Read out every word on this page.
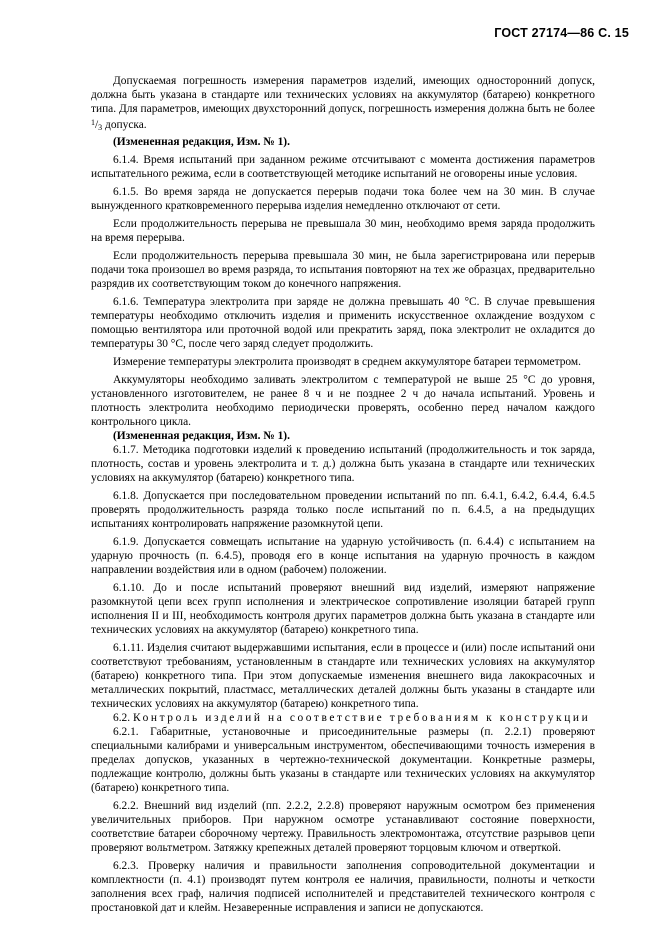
ГОСТ 27174—86 С. 15

Допускаемая погрешность измерения параметров изделий, имеющих односторонний допуск, должна быть указана в стандарте или технических условиях на аккумулятор (батарею) конкретного типа. Для параметров, имеющих двухсторонний допуск, погрешность измерения должна быть не более $^1$/3 допуска.

(Измененная редакция, Изм. № 1).

6.1.4. Время испытаний при заданном режиме отсчитывают с момента достижения параметров испытательного режима, если в соответствующей методике испытаний не оговорены иные условия.

6.1.5. Во время заряда не допускается перерыв подачи тока более чем на 30 мин. В случае вынужденного кратковременного перерыва изделия немедленно отключают от сети.

Если продолжительность перерыва не превышала 30 мин, необходимо время заряда продолжить на время перерыва.

Если продолжительность перерыва превышала 30 мин, не была зарегистрирована или перерыв подачи тока произошел во время разряда, то испытания повторяют на тех же образцах, предварительно разрядив их соответствующим током до конечного напряжения.

6.1.6. Температура электролита при заряде не должна превышать 40 °С. В случае превышения температуры необходимо отключить изделия и применить искусственное охлаждение воздухом с помощью вентилятора или проточной водой или прекратить заряд, пока электролит не охладится до температуры 30 °С, после чего заряд следует продолжить.

Измерение температуры электролита производят в среднем аккумуляторе батареи термометром.

Аккумуляторы необходимо заливать электролитом с температурой не выше 25 °С до уровня, установленного изготовителем, не ранее 8 ч и не позднее 2 ч до начала испытаний. Уровень и плотность электролита необходимо периодически проверять, особенно перед началом каждого контрольного цикла.

(Измененная редакция, Изм. № 1).

6.1.7. Методика подготовки изделий к проведению испытаний (продолжительность и ток заряда, плотность, состав и уровень электролита и т. д.) должна быть указана в стандарте или технических условиях на аккумулятор (батарею) конкретного типа.

6.1.8. Допускается при последовательном проведении испытаний по пп. 6.4.1, 6.4.2, 6.4.4, 6.4.5 проверять продолжительность разряда только после испытаний по п. 6.4.5, а на предыдущих испытаниях контролировать напряжение разомкнутой цепи.

6.1.9. Допускается совмещать испытание на ударную устойчивость (п. 6.4.4) с испытанием на ударную прочность (п. 6.4.5), проводя его в конце испытания на ударную прочность в каждом направлении воздействия или в одном (рабочем) положении.

6.1.10. До и после испытаний проверяют внешний вид изделий, измеряют напряжение разомкнутой цепи всех групп исполнения и электрическое сопротивление изоляции батарей групп исполнения II и III, необходимость контроля других параметров должна быть указана в стандарте или технических условиях на аккумулятор (батарею) конкретного типа.

6.1.11. Изделия считают выдержавшими испытания, если в процессе и (или) после испытаний они соответствуют требованиям, установленным в стандарте или технических условиях на аккумулятор (батарею) конкретного типа. При этом допускаемые изменения внешнего вида лакокрасочных и металлических покрытий, пластмасс, металлических деталей должны быть указаны в стандарте или технических условиях на аккумулятор (батарею) конкретного типа.

6.2. Контроль изделий на соответствие требованиям к конструкции

6.2.1. Габаритные, установочные и присоединительные размеры (п. 2.2.1) проверяют специальными калибрами и универсальным инструментом, обеспечивающими точность измерения в пределах допусков, указанных в чертежно-технической документации. Конкретные размеры, подлежащие контролю, должны быть указаны в стандарте или технических условиях на аккумулятор (батарею) конкретного типа.

6.2.2. Внешний вид изделий (пп. 2.2.2, 2.2.8) проверяют наружным осмотром без применения увеличительных приборов. При наружном осмотре устанавливают состояние поверхности, соответствие батареи сборочному чертежу. Правильность электромонтажа, отсутствие разрывов цепи проверяют вольтметром. Затяжку крепежных деталей проверяют торцовым ключом и отверткой.

6.2.3. Проверку наличия и правильности заполнения сопроводительной документации и комплектности (п. 4.1) производят путем контроля ее наличия, правильности, полноты и четкости заполнения всех граф, наличия подписей исполнителей и представителей технического контроля с простановкой дат и клейм. Незаверенные исправления и записи не допускаются.
